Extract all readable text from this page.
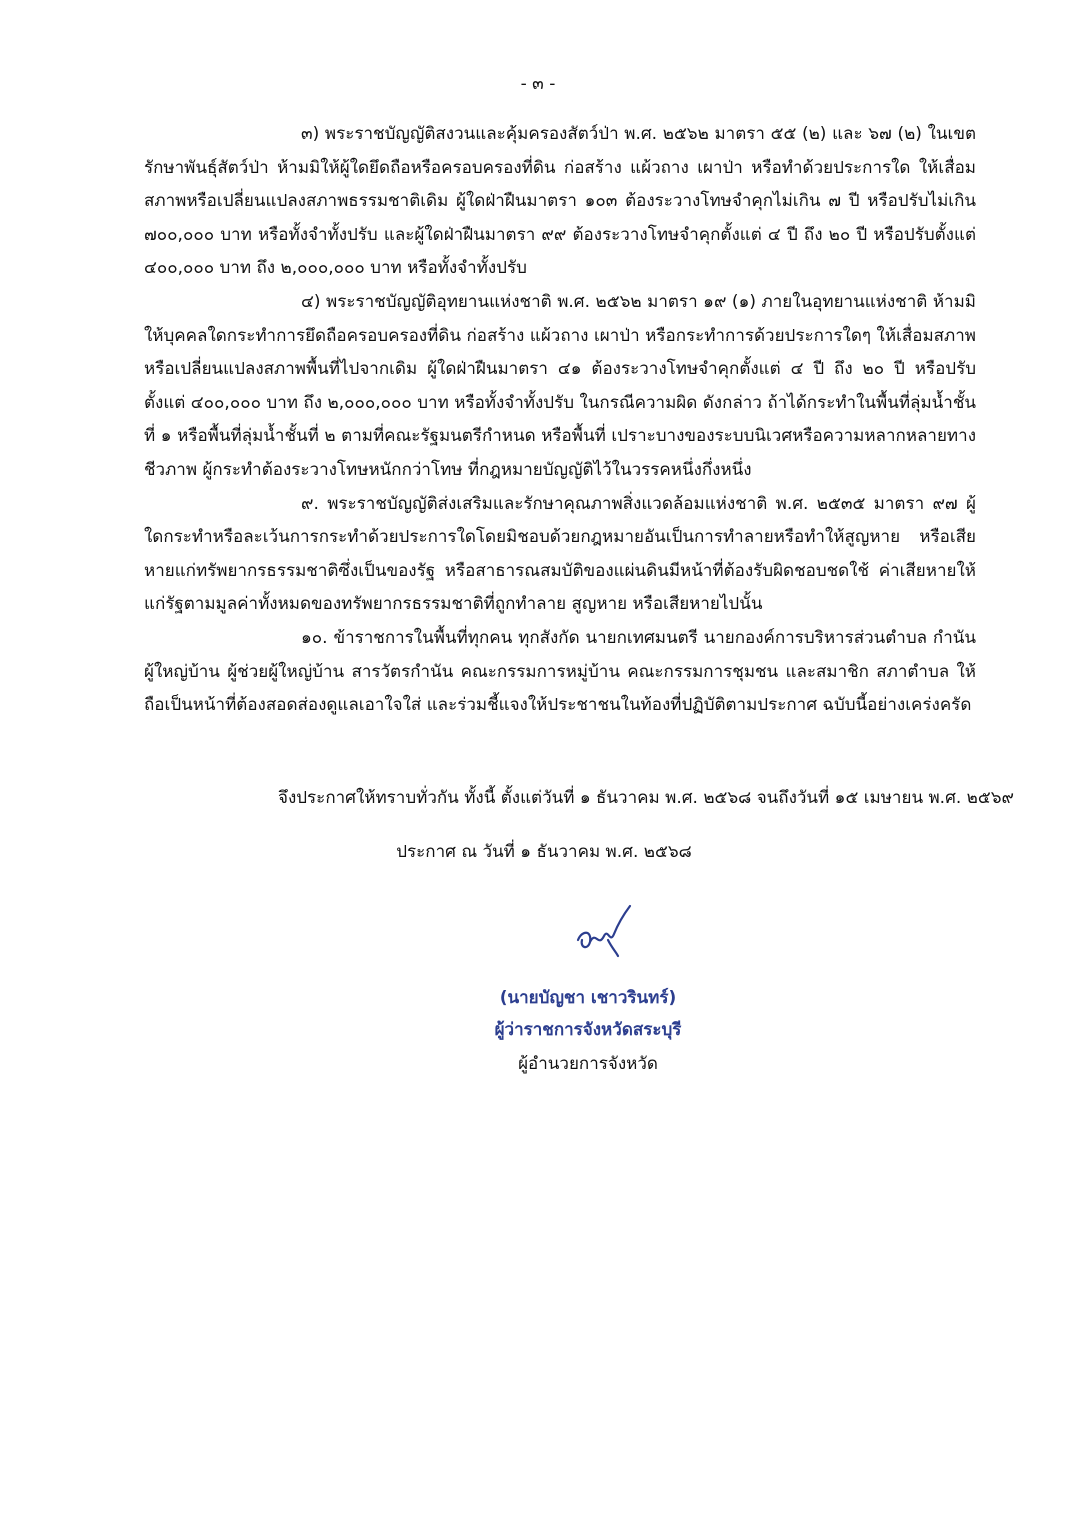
- ๓ -

๓) พระราชบัญญัติสงวนและคุ้มครองสัตว์ป่า พ.ศ. ๒๕๖๒ มาตรา ๕๕ (๒) และ ๖๗ (๒) ในเขตรักษาพันธุ์สัตว์ป่า ห้ามมิให้ผู้ใดยึดถือหรือครอบครองที่ดิน ก่อสร้าง แผ้วถาง เผาป่า หรือทำด้วยประการใด ให้เสื่อมสภาพหรือเปลี่ยนแปลงสภาพธรรมชาติเดิม ผู้ใดฝ่าฝืนมาตรา ๑๐๓ ต้องระวางโทษจำคุกไม่เกิน ๗ ปี หรือปรับไม่เกิน ๗๐๐,๐๐๐ บาท หรือทั้งจำทั้งปรับ และผู้ใดฝ่าฝืนมาตรา ๙๙ ต้องระวางโทษจำคุกตั้งแต่ ๔ ปี ถึง ๒๐ ปี หรือปรับตั้งแต่ ๔๐๐,๐๐๐ บาท ถึง ๒,๐๐๐,๐๐๐ บาท หรือทั้งจำทั้งปรับ

๔) พระราชบัญญัติอุทยานแห่งชาติ พ.ศ. ๒๕๖๒ มาตรา ๑๙ (๑) ภายในอุทยานแห่งชาติ ห้ามมิให้บุคคลใดกระทำการยึดถือครอบครองที่ดิน ก่อสร้าง แผ้วถาง เผาป่า หรือกระทำการด้วยประการใดๆ ให้เสื่อมสภาพหรือเปลี่ยนแปลงสภาพพื้นที่ไปจากเดิม ผู้ใดฝ่าฝืนมาตรา ๔๑ ต้องระวางโทษจำคุกตั้งแต่ ๔ ปี ถึง ๒๐ ปี หรือปรับตั้งแต่ ๔๐๐,๐๐๐ บาท ถึง ๒,๐๐๐,๐๐๐ บาท หรือทั้งจำทั้งปรับ ในกรณีความผิด ดังกล่าว ถ้าได้กระทำในพื้นที่ลุ่มน้ำชั้นที่ ๑ หรือพื้นที่ลุ่มน้ำชั้นที่ ๒ ตามที่คณะรัฐมนตรีกำหนด หรือพื้นที่ เปราะบางของระบบนิเวศหรือความหลากหลายทางชีวภาพ ผู้กระทำต้องระวางโทษหนักกว่าโทษ ที่กฎหมายบัญญัติไว้ในวรรคหนึ่งกึ่งหนึ่ง

๙. พระราชบัญญัติส่งเสริมและรักษาคุณภาพสิ่งแวดล้อมแห่งชาติ พ.ศ. ๒๕๓๕ มาตรา ๙๗ ผู้ใดกระทำหรือละเว้นการกระทำด้วยประการใดโดยมิชอบด้วยกฎหมายอันเป็นการทำลายหรือทำให้สูญหาย หรือเสียหายแก่ทรัพยากรธรรมชาติซึ่งเป็นของรัฐ หรือสาธารณสมบัติของแผ่นดินมีหน้าที่ต้องรับผิดชอบชดใช้ ค่าเสียหายให้แก่รัฐตามมูลค่าทั้งหมดของทรัพยากรธรรมชาติที่ถูกทำลาย สูญหาย หรือเสียหายไปนั้น

๑๐. ข้าราชการในพื้นที่ทุกคน ทุกสังกัด นายกเทศมนตรี นายกองค์การบริหารส่วนตำบล กำนัน ผู้ใหญ่บ้าน ผู้ช่วยผู้ใหญ่บ้าน สารวัตรกำนัน คณะกรรมการหมู่บ้าน คณะกรรมการชุมชน และสมาชิก สภาตำบล ให้ถือเป็นหน้าที่ต้องสอดส่องดูแลเอาใจใส่ และร่วมชี้แจงให้ประชาชนในท้องที่ปฏิบัติตามประกาศ ฉบับนี้อย่างเคร่งครัด

จึงประกาศให้ทราบทั่วกัน ทั้งนี้ ตั้งแต่วันที่ ๑ ธันวาคม พ.ศ. ๒๕๖๘ จนถึงวันที่ ๑๕ เมษายน พ.ศ. ๒๕๖๙
ประกาศ ณ วันที่ ๑ ธันวาคม พ.ศ. ๒๕๖๘
(นายบัญชา เชาวรินทร์)
ผู้ว่าราชการจังหวัดสระบุรี
ผู้อำนวยการจังหวัด
